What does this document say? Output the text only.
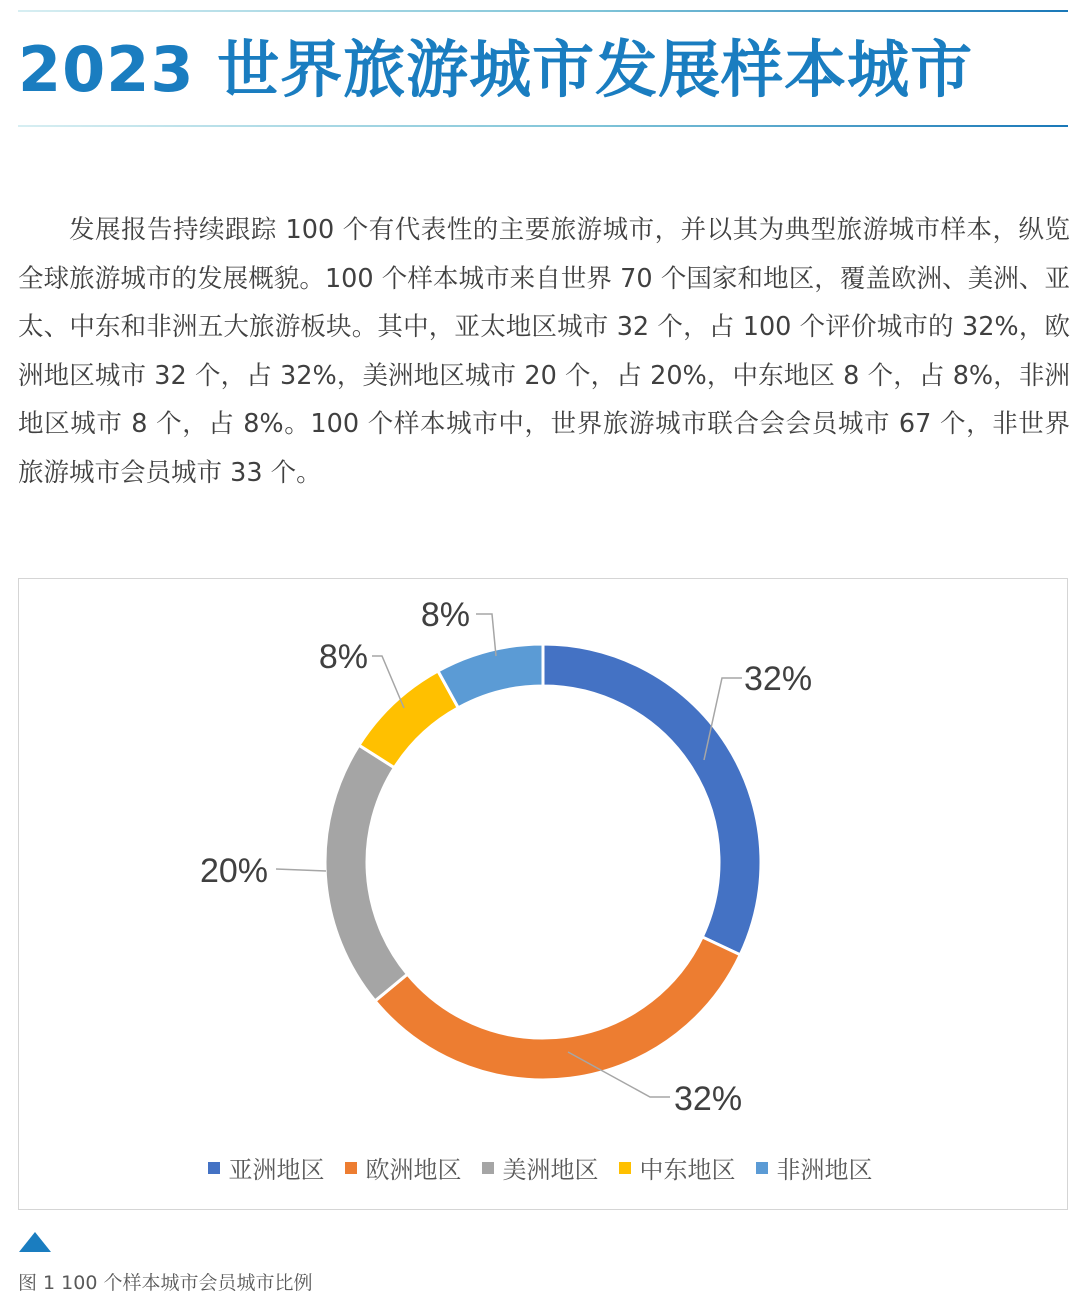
2023 世界旅游城市发展样本城市

发展报告持续跟踪 100 个有代表性的主要旅游城市，并以其为典型旅游城市样本，纵览全球旅游城市的发展概貌。100 个样本城市来自世界 70 个国家和地区，覆盖欧洲、美洲、亚太、中东和非洲五大旅游板块。其中，亚太地区城市 32 个，占 100 个评价城市的 32%，欧洲地区城市 32 个，占 32%，美洲地区城市 20 个，占 20%，中东地区 8 个，占 8%，非洲地区城市 8 个，占 8%。100 个样本城市中，世界旅游城市联合会会员城市 67 个，非世界旅游城市会员城市 33 个。

32%
32%
20%
8%
8%
亚洲地区 欧洲地区 美洲地区 中东地区 非洲地区
图 1 100 个样本城市会员城市比例
